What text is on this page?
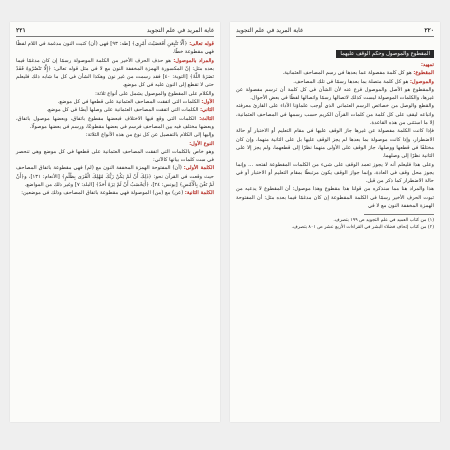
غاية المريد في علم التجويد
٢٢١

قوله تعالى: ﴿أَلَّا تَتَّبِعَنِ أَفَعَصَيْتَ أَمْرِي﴾ [طه: ٩٣] فهي (أن) كتبت النون مدغمة في اللام لفظًا فهي مقطوعة خطًا.

والمراد بالموصول: هو حذف الحرف الأخير من الكلمة الموصولة رسمًا إن كان مدغمًا فيما بعده مثل: إنّ المكسورة الهمزة المخففة النون مع لا في مثل قوله تعالى: ﴿إِلَّا تَنْصُرُوهُ فَقَدْ نَصَرَهُ اللَّهُ﴾ [التوبة: ٤٠] فقد رسمت من غير نون وهكذا الشأن في كل ما شابه ذلك فليعلم حتى لا تقطع إلى النون عليه في كل موضع.

والكلام على المقطوع والموصول يشمل على أنواع ثلاثة:

الأول: الكلمات التي اتفقت المصاحف العثمانية على قطعها في كل موضع.

الثاني: الكلمات التي اتفقت المصاحف العثمانية على وصلها أيضًا في كل موضع.

الثالث: الكلمات التي وقع فيها الاختلاف فبعضها مقطوع باتفاق، وبعضها موصول باتفاق، وبعضها مختلف فيه بين المصاحف فرسم في بعضها مقطوعًا، ورسم في بعضها موصولًا.

وإليها إلى الكلام بالتفصيل عن كل نوع من هذه الأنواع الثلاثة:

النوع الأول:

وهو خاص بالكلمات التي اتفقت المصاحف العثمانية على قطعها في كل موضع وهي تنحصر في ست كلمات بيانها كالآتي:

الكلمة الأولى: (أن) المفتوحة الهمزة المخففة النون مع (لم) فهي مقطوعة باتفاق المصاحف حيث وقعت في القرآن نحو: ﴿ذَلِكَ أَنْ لَمْ يَكُنْ رَبُّكَ مُهْلِكَ الْقُرَى بِظُلْمٍ﴾ [الأنعام: ١٣١]، و﴿أَنْ لَمْ تَغْنَ بِالْأَمْسِ﴾ [يونس: ٢٤]، ﴿أَيَحْسَبُ أَنْ لَمْ يَرَهُ أَحَدٌ﴾ [البلد: ٧] وغير ذلك من المواضع.

الكلمة الثانية: (عن) مع (من) الموصولة فهي مقطوعة باتفاق المصاحف وذلك في موضعين:

٢٢٠
غاية المريد في علم التجويد
المقطوع والموصول وحكم الوقف عليهما

تمهيد:

المقطوع: هو كل كلمة مفصولة عما بعدها في رسم المصاحف العثمانية.

والموصول: هو كل كلمة متصلة بما بعدها رسمًا في تلك المصاحف.

والمقطوع هو الأصل والموصول فرع عنه لأن الشأن في كل كلمة أن ترسم مفصولة عن غيرها، والكلمات الموصولة ليست كذلك لاتصالها رسمًا واتصالها لفظًا في بعض الأحوال.

والقطع والوصل من خصائص الرسم العثماني الذي أوجب علماؤنا الأداء على القارئ معرفته واتباعه ليقف على كل كلمة من كلمات القرآن الكريم حسب رسمها في المصاحف العثمانية، إلا ما استثنى من هذه القاعدة.

فإذا كانت الكلمة مفصولة عن غيرها جاز الوقف عليها في مقام التعليم أو الاختبار أو حالة الاضطرار، وإذا كانت موصولة بما بعدها لم يجز الوقف عليها بل على الثانية منهما، وإن كان مختلفًا في قطعها ووصلها، جاز الوقف على الأولى منهما نظرًا إلى قطعهما، ولم يجز إلا على الثانية نظرًا إلى وصلهما.

وعلى هذا فليعلم أنه لا يجوز تعمد الوقف على شيء من الكلمات المقطوعة لفتحه … وإنما يجوز محل وقف في العادة، وإنما جواز الوقف يكون مرتبطًا بمقام التعليم أو الاختبار أو في حالة الاضطرار كما ذكر من قبل.

هذا والمراد هنا مما سنذكره من قولنا هذا مقطوع وهذا موصول: أن المقطوع لا يدعيه من ثبوت الحرف الأخير رسمًا في الكلمة المقطوعة إن كان مدغمًا فيما بعده مثل: أن المفتوحة الهمزة المخففة النون مع لا في

(١) من كتاب العميد في علم التجويد ص ١٩٩ بتصرف.

(٢) من كتاب إتحاف فضلاء البشر في القراءات الأربع عشر ص ٨٠١ بتصرف.
